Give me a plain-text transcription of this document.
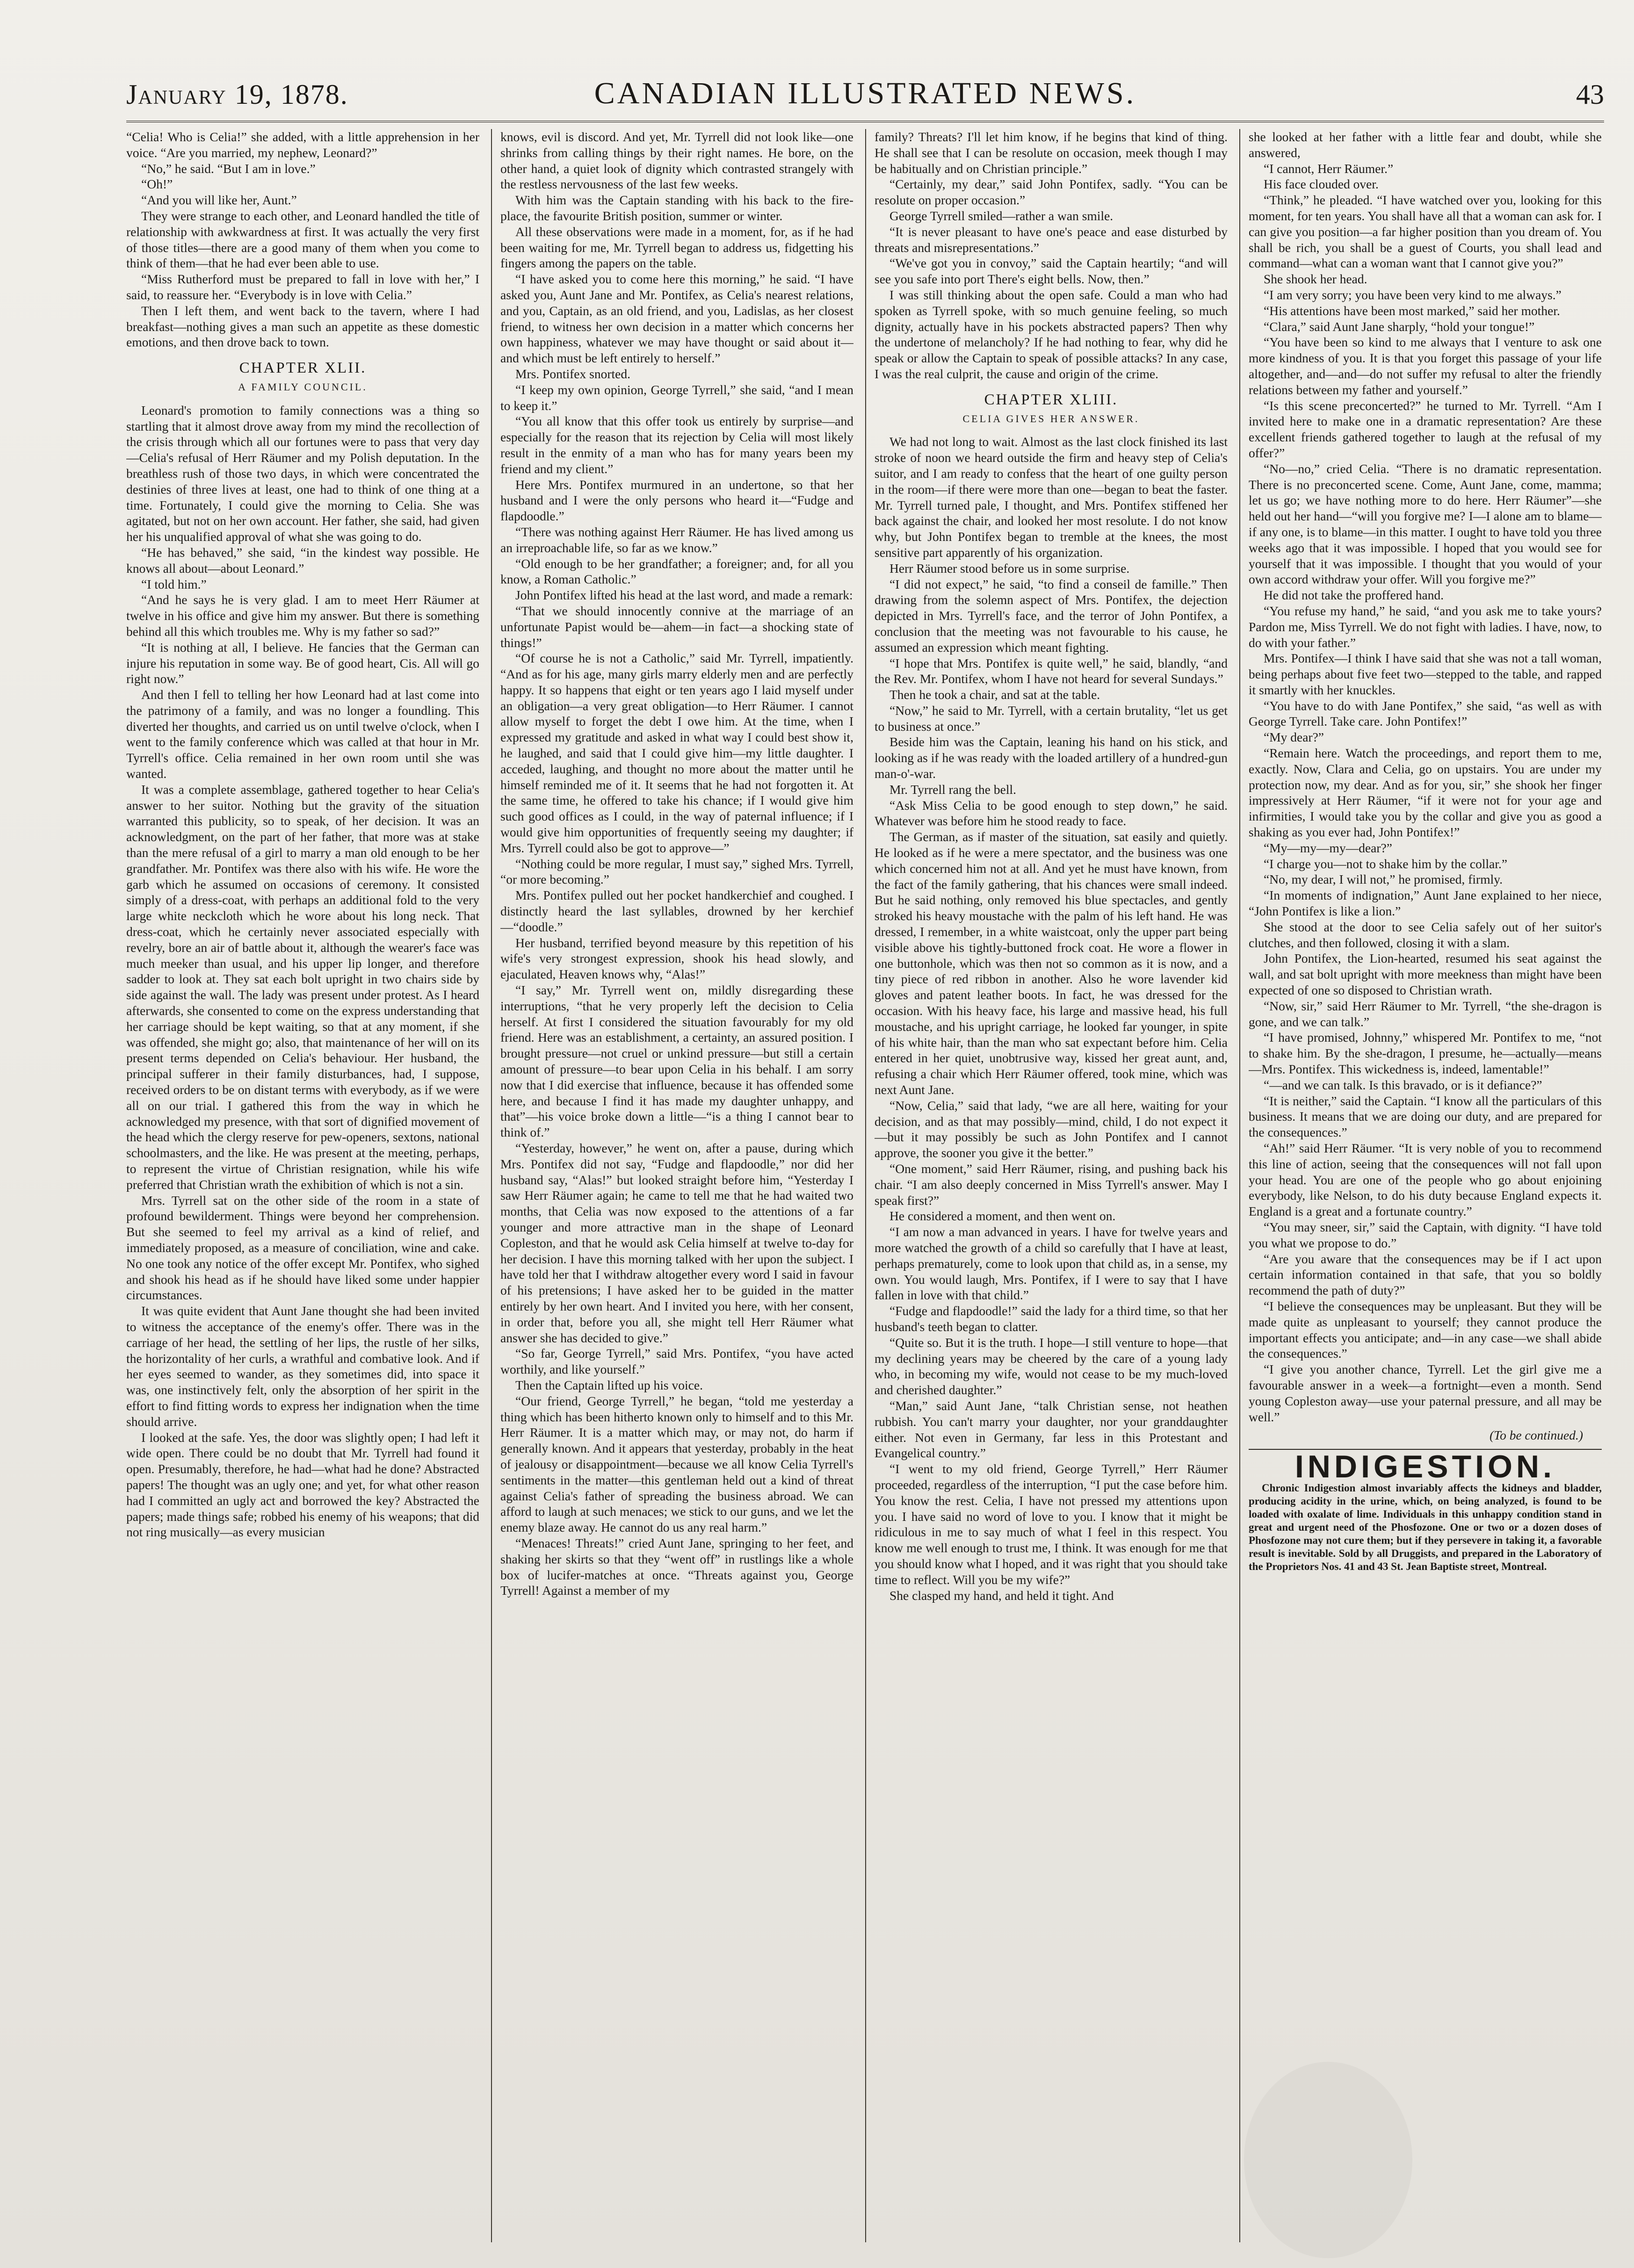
January 19, 1878.	CANADIAN ILLUSTRATED NEWS.	43

“Celia! Who is Celia!” she added, with a little apprehension in her voice. “Are you married, my nephew, Leonard?”

“No,” he said. “But I am in love.”

“Oh!”

“And you will like her, Aunt.”

They were strange to each other, and Leonard handled the title of relationship with awkwardness at first. It was actually the very first of those titles—there are a good many of them when you come to think of them—that he had ever been able to use.

“Miss Rutherford must be prepared to fall in love with her,” I said, to reassure her. “Everybody is in love with Celia.”

Then I left them, and went back to the tavern, where I had breakfast—nothing gives a man such an appetite as these domestic emotions, and then drove back to town.

CHAPTER XLII.
A FAMILY COUNCIL.

Leonard's promotion to family connections was a thing so startling that it almost drove away from my mind the recollection of the crisis through which all our fortunes were to pass that very day—Celia's refusal of Herr Räumer and my Polish deputation. In the breathless rush of those two days, in which were concentrated the destinies of three lives at least, one had to think of one thing at a time. Fortunately, I could give the morning to Celia. She was agitated, but not on her own account. Her father, she said, had given her his unqualified approval of what she was going to do.

“He has behaved,” she said, “in the kindest way possible. He knows all about—about Leonard.”

“I told him.”

“And he says he is very glad. I am to meet Herr Räumer at twelve in his office and give him my answer. But there is something behind all this which troubles me. Why is my father so sad?”

“It is nothing at all, I believe. He fancies that the German can injure his reputation in some way. Be of good heart, Cis. All will go right now.”

And then I fell to telling her how Leonard had at last come into the patrimony of a family, and was no longer a foundling. This diverted her thoughts, and carried us on until twelve o'clock, when I went to the family conference which was called at that hour in Mr. Tyrrell's office. Celia remained in her own room until she was wanted.

It was a complete assemblage, gathered together to hear Celia's answer to her suitor. Nothing but the gravity of the situation warranted this publicity, so to speak, of her decision. It was an acknowledgment, on the part of her father, that more was at stake than the mere refusal of a girl to marry a man old enough to be her grandfather. Mr. Pontifex was there also with his wife. He wore the garb which he assumed on occasions of ceremony. It consisted simply of a dress-coat, with perhaps an additional fold to the very large white neckcloth which he wore about his long neck. That dress-coat, which he certainly never associated especially with revelry, bore an air of battle about it, although the wearer's face was much meeker than usual, and his upper lip longer, and therefore sadder to look at. They sat each bolt upright in two chairs side by side against the wall. The lady was present under protest. As I heard afterwards, she consented to come on the express understanding that her carriage should be kept waiting, so that at any moment, if she was offended, she might go; also, that maintenance of her will on its present terms depended on Celia's behaviour. Her husband, the principal sufferer in their family disturbances, had, I suppose, received orders to be on distant terms with everybody, as if we were all on our trial. I gathered this from the way in which he acknowledged my presence, with that sort of dignified movement of the head which the clergy reserve for pew-openers, sextons, national schoolmasters, and the like. He was present at the meeting, perhaps, to represent the virtue of Christian resignation, while his wife preferred that Christian wrath the exhibition of which is not a sin.

Mrs. Tyrrell sat on the other side of the room in a state of profound bewilderment. Things were beyond her comprehension. But she seemed to feel my arrival as a kind of relief, and immediately proposed, as a measure of conciliation, wine and cake. No one took any notice of the offer except Mr. Pontifex, who sighed and shook his head as if he should have liked some under happier circumstances.

It was quite evident that Aunt Jane thought she had been invited to witness the acceptance of the enemy's offer. There was in the carriage of her head, the settling of her lips, the rustle of her silks, the horizontality of her curls, a wrathful and combative look. And if her eyes seemed to wander, as they sometimes did, into space it was, one instinctively felt, only the absorption of her spirit in the effort to find fitting words to express her indignation when the time should arrive.

I looked at the safe. Yes, the door was slightly open; I had left it wide open. There could be no doubt that Mr. Tyrrell had found it open. Presumably, therefore, he had—what had he done? Abstracted papers! The thought was an ugly one; and yet, for what other reason had I committed an ugly act and borrowed the key? Abstracted the papers; made things safe; robbed his enemy of his weapons; that did not ring musically—as every musician

knows, evil is discord. And yet, Mr. Tyrrell did not look like—one shrinks from calling things by their right names. He bore, on the other hand, a quiet look of dignity which contrasted strangely with the restless nervousness of the last few weeks.

With him was the Captain standing with his back to the fire-place, the favourite British position, summer or winter.

All these observations were made in a moment, for, as if he had been waiting for me, Mr. Tyrrell began to address us, fidgetting his fingers among the papers on the table.

“I have asked you to come here this morning,” he said. “I have asked you, Aunt Jane and Mr. Pontifex, as Celia's nearest relations, and you, Captain, as an old friend, and you, Ladislas, as her closest friend, to witness her own decision in a matter which concerns her own happiness, whatever we may have thought or said about it—and which must be left entirely to herself.”

Mrs. Pontifex snorted.

“I keep my own opinion, George Tyrrell,” she said, “and I mean to keep it.”

“You all know that this offer took us entirely by surprise—and especially for the reason that its rejection by Celia will most likely result in the enmity of a man who has for many years been my friend and my client.”

Here Mrs. Pontifex murmured in an undertone, so that her husband and I were the only persons who heard it—“Fudge and flapdoodle.”

“There was nothing against Herr Räumer. He has lived among us an irreproachable life, so far as we know.”

“Old enough to be her grandfather; a foreigner; and, for all you know, a Roman Catholic.”

John Pontifex lifted his head at the last word, and made a remark:

“That we should innocently connive at the marriage of an unfortunate Papist would be—ahem—in fact—a shocking state of things!”

“Of course he is not a Catholic,” said Mr. Tyrrell, impatiently. “And as for his age, many girls marry elderly men and are perfectly happy. It so happens that eight or ten years ago I laid myself under an obligation—a very great obligation—to Herr Räumer. I cannot allow myself to forget the debt I owe him. At the time, when I expressed my gratitude and asked in what way I could best show it, he laughed, and said that I could give him—my little daughter. I acceded, laughing, and thought no more about the matter until he himself reminded me of it. It seems that he had not forgotten it. At the same time, he offered to take his chance; if I would give him such good offices as I could, in the way of paternal influence; if I would give him opportunities of frequently seeing my daughter; if Mrs. Tyrrell could also be got to approve—”

“Nothing could be more regular, I must say,” sighed Mrs. Tyrrell, “or more becoming.”

Mrs. Pontifex pulled out her pocket handkerchief and coughed. I distinctly heard the last syllables, drowned by her kerchief—“doodle.”

Her husband, terrified beyond measure by this repetition of his wife's very strongest expression, shook his head slowly, and ejaculated, Heaven knows why, “Alas!”

“I say,” Mr. Tyrrell went on, mildly disregarding these interruptions, “that he very properly left the decision to Celia herself. At first I considered the situation favourably for my old friend. Here was an establishment, a certainty, an assured position. I brought pressure—not cruel or unkind pressure—but still a certain amount of pressure—to bear upon Celia in his behalf. I am sorry now that I did exercise that influence, because it has offended some here, and because I find it has made my daughter unhappy, and that”—his voice broke down a little—“is a thing I cannot bear to think of.”

“Yesterday, however,” he went on, after a pause, during which Mrs. Pontifex did not say, “Fudge and flapdoodle,” nor did her husband say, “Alas!” but looked straight before him, “Yesterday I saw Herr Räumer again; he came to tell me that he had waited two months, that Celia was now exposed to the attentions of a far younger and more attractive man in the shape of Leonard Copleston, and that he would ask Celia himself at twelve to-day for her decision. I have this morning talked with her upon the subject. I have told her that I withdraw altogether every word I said in favour of his pretensions; I have asked her to be guided in the matter entirely by her own heart. And I invited you here, with her consent, in order that, before you all, she might tell Herr Räumer what answer she has decided to give.”

“So far, George Tyrrell,” said Mrs. Pontifex, “you have acted worthily, and like yourself.”

Then the Captain lifted up his voice.

“Our friend, George Tyrrell,” he began, “told me yesterday a thing which has been hitherto known only to himself and to this Mr. Herr Räumer. It is a matter which may, or may not, do harm if generally known. And it appears that yesterday, probably in the heat of jealousy or disappointment—because we all know Celia Tyrrell's sentiments in the matter—this gentleman held out a kind of threat against Celia's father of spreading the business abroad. We can afford to laugh at such menaces; we stick to our guns, and we let the enemy blaze away. He cannot do us any real harm.”

“Menaces! Threats!” cried Aunt Jane, springing to her feet, and shaking her skirts so that they “went off” in rustlings like a whole box of lucifer-matches at once. “Threats against you, George Tyrrell! Against a member of my

family? Threats? I'll let him know, if he begins that kind of thing. He shall see that I can be resolute on occasion, meek though I may be habitually and on Christian principle.”

“Certainly, my dear,” said John Pontifex, sadly. “You can be resolute on proper occasion.”

George Tyrrell smiled—rather a wan smile.

“It is never pleasant to have one's peace and ease disturbed by threats and misrepresentations.”

“We've got you in convoy,” said the Captain heartily; “and will see you safe into port There's eight bells. Now, then.”

I was still thinking about the open safe. Could a man who had spoken as Tyrrell spoke, with so much genuine feeling, so much dignity, actually have in his pockets abstracted papers? Then why the undertone of melancholy? If he had nothing to fear, why did he speak or allow the Captain to speak of possible attacks? In any case, I was the real culprit, the cause and origin of the crime.

CHAPTER XLIII.
CELIA GIVES HER ANSWER.

We had not long to wait. Almost as the last clock finished its last stroke of noon we heard outside the firm and heavy step of Celia's suitor, and I am ready to confess that the heart of one guilty person in the room—if there were more than one—began to beat the faster. Mr. Tyrrell turned pale, I thought, and Mrs. Pontifex stiffened her back against the chair, and looked her most resolute. I do not know why, but John Pontifex began to tremble at the knees, the most sensitive part apparently of his organization.

Herr Räumer stood before us in some surprise.

“I did not expect,” he said, “to find a conseil de famille.” Then drawing from the solemn aspect of Mrs. Pontifex, the dejection depicted in Mrs. Tyrrell's face, and the terror of John Pontifex, a conclusion that the meeting was not favourable to his cause, he assumed an expression which meant fighting.

“I hope that Mrs. Pontifex is quite well,” he said, blandly, “and the Rev. Mr. Pontifex, whom I have not heard for several Sundays.”

Then he took a chair, and sat at the table.

“Now,” he said to Mr. Tyrrell, with a certain brutality, “let us get to business at once.”

Beside him was the Captain, leaning his hand on his stick, and looking as if he was ready with the loaded artillery of a hundred-gun man-o'-war.

Mr. Tyrrell rang the bell.

“Ask Miss Celia to be good enough to step down,” he said. Whatever was before him he stood ready to face.

The German, as if master of the situation, sat easily and quietly. He looked as if he were a mere spectator, and the business was one which concerned him not at all. And yet he must have known, from the fact of the family gathering, that his chances were small indeed. But he said nothing, only removed his blue spectacles, and gently stroked his heavy moustache with the palm of his left hand. He was dressed, I remember, in a white waistcoat, only the upper part being visible above his tightly-buttoned frock coat. He wore a flower in one buttonhole, which was then not so common as it is now, and a tiny piece of red ribbon in another. Also he wore lavender kid gloves and patent leather boots. In fact, he was dressed for the occasion. With his heavy face, his large and massive head, his full moustache, and his upright carriage, he looked far younger, in spite of his white hair, than the man who sat expectant before him. Celia entered in her quiet, unobtrusive way, kissed her great aunt, and, refusing a chair which Herr Räumer offered, took mine, which was next Aunt Jane.

“Now, Celia,” said that lady, “we are all here, waiting for your decision, and as that may possibly—mind, child, I do not expect it—but it may possibly be such as John Pontifex and I cannot approve, the sooner you give it the better.”

“One moment,” said Herr Räumer, rising, and pushing back his chair. “I am also deeply concerned in Miss Tyrrell's answer. May I speak first?”

He considered a moment, and then went on.

“I am now a man advanced in years. I have for twelve years and more watched the growth of a child so carefully that I have at least, perhaps prematurely, come to look upon that child as, in a sense, my own. You would laugh, Mrs. Pontifex, if I were to say that I have fallen in love with that child.”

“Fudge and flapdoodle!” said the lady for a third time, so that her husband's teeth began to clatter.

“Quite so. But it is the truth. I hope—I still venture to hope—that my declining years may be cheered by the care of a young lady who, in becoming my wife, would not cease to be my much-loved and cherished daughter.”

“Man,” said Aunt Jane, “talk Christian sense, not heathen rubbish. You can't marry your daughter, nor your granddaughter either. Not even in Germany, far less in this Protestant and Evangelical country.”

“I went to my old friend, George Tyrrell,” Herr Räumer proceeded, regardless of the interruption, “I put the case before him. You know the rest. Celia, I have not pressed my attentions upon you. I have said no word of love to you. I know that it might be ridiculous in me to say much of what I feel in this respect. You know me well enough to trust me, I think. It was enough for me that you should know what I hoped, and it was right that you should take time to reflect. Will you be my wife?”

She clasped my hand, and held it tight. And

she looked at her father with a little fear and doubt, while she answered,

“I cannot, Herr Räumer.”

His face clouded over.

“Think,” he pleaded. “I have watched over you, looking for this moment, for ten years. You shall have all that a woman can ask for. I can give you position—a far higher position than you dream of. You shall be rich, you shall be a guest of Courts, you shall lead and command—what can a woman want that I cannot give you?”

She shook her head.

“I am very sorry; you have been very kind to me always.”

“His attentions have been most marked,” said her mother.

“Clara,” said Aunt Jane sharply, “hold your tongue!”

“You have been so kind to me always that I venture to ask one more kindness of you. It is that you forget this passage of your life altogether, and—and—do not suffer my refusal to alter the friendly relations between my father and yourself.”

“Is this scene preconcerted?” he turned to Mr. Tyrrell. “Am I invited here to make one in a dramatic representation? Are these excellent friends gathered together to laugh at the refusal of my offer?”

“No—no,” cried Celia. “There is no dramatic representation. There is no preconcerted scene. Come, Aunt Jane, come, mamma; let us go; we have nothing more to do here. Herr Räumer”—she held out her hand—“will you forgive me? I—I alone am to blame—if any one, is to blame—in this matter. I ought to have told you three weeks ago that it was impossible. I hoped that you would see for yourself that it was impossible. I thought that you would of your own accord withdraw your offer. Will you forgive me?”

He did not take the proffered hand.

“You refuse my hand,” he said, “and you ask me to take yours? Pardon me, Miss Tyrrell. We do not fight with ladies. I have, now, to do with your father.”

Mrs. Pontifex—I think I have said that she was not a tall woman, being perhaps about five feet two—stepped to the table, and rapped it smartly with her knuckles.

“You have to do with Jane Pontifex,” she said, “as well as with George Tyrrell. Take care. John Pontifex!”

“My dear?”

“Remain here. Watch the proceedings, and report them to me, exactly. Now, Clara and Celia, go on upstairs. You are under my protection now, my dear. And as for you, sir,” she shook her finger impressively at Herr Räumer, “if it were not for your age and infirmities, I would take you by the collar and give you as good a shaking as you ever had, John Pontifex!”

“My—my—my—dear?”

“I charge you—not to shake him by the collar.”

“No, my dear, I will not,” he promised, firmly.

“In moments of indignation,” Aunt Jane explained to her niece, “John Pontifex is like a lion.”

She stood at the door to see Celia safely out of her suitor's clutches, and then followed, closing it with a slam.

John Pontifex, the Lion-hearted, resumed his seat against the wall, and sat bolt upright with more meekness than might have been expected of one so disposed to Christian wrath.

“Now, sir,” said Herr Räumer to Mr. Tyrrell, “the she-dragon is gone, and we can talk.”

“I have promised, Johnny,” whispered Mr. Pontifex to me, “not to shake him. By the she-dragon, I presume, he—actually—means—Mrs. Pontifex. This wickedness is, indeed, lamentable!”

“—and we can talk. Is this bravado, or is it defiance?”

“It is neither,” said the Captain. “I know all the particulars of this business. It means that we are doing our duty, and are prepared for the consequences.”

“Ah!” said Herr Räumer. “It is very noble of you to recommend this line of action, seeing that the consequences will not fall upon your head. You are one of the people who go about enjoining everybody, like Nelson, to do his duty because England expects it. England is a great and a fortunate country.”

“You may sneer, sir,” said the Captain, with dignity. “I have told you what we propose to do.”

“Are you aware that the consequences may be if I act upon certain information contained in that safe, that you so boldly recommend the path of duty?”

“I believe the consequences may be unpleasant. But they will be made quite as unpleasant to yourself; they cannot produce the important effects you anticipate; and—in any case—we shall abide the consequences.”

“I give you another chance, Tyrrell. Let the girl give me a favourable answer in a week—a fortnight—even a month. Send young Copleston away—use your paternal pressure, and all may be well.”

(To be continued.)

INDIGESTION.
Chronic Indigestion almost invariably affects the kidneys and bladder, producing acidity in the urine, which, on being analyzed, is found to be loaded with oxalate of lime. Individuals in this unhappy condition stand in great and urgent need of the Phosfozone. One or two or a dozen doses of Phosfozone may not cure them; but if they persevere in taking it, a favorable result is inevitable. Sold by all Druggists, and prepared in the Laboratory of the Proprietors Nos. 41 and 43 St. Jean Baptiste street, Montreal.
